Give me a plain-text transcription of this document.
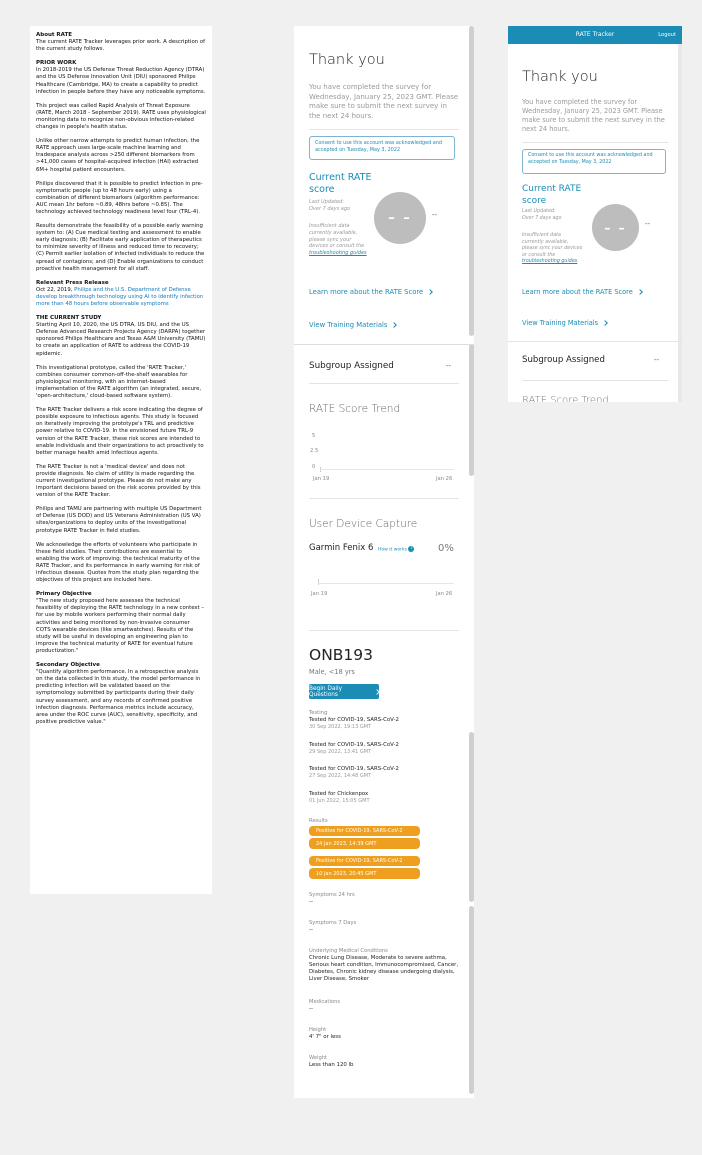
About RATE

The current RATE Tracker leverages prior work. A description of the current study follows.

PRIOR WORK

In 2018-2019 the US Defense Threat Reduction Agency (DTRA) and the US Defense Innovation Unit (DIU) sponsored Philips Healthcare (Cambridge, MA) to create a capability to predict infection in people before they have any noticeable symptoms.

This project was called Rapid Analysis of Threat Exposure (RATE, March 2018 - September 2019). RATE uses physiological monitoring data to recognize non-obvious infection-related changes in people's health status.

Unlike other narrow attempts to predict human infection, the RATE approach uses large-scale machine learning and tradespace analysis across >250 different biomarkers from >41,000 cases of hospital-acquired infection (HAI) extracted 6M+ hospital patient encounters.

Philips discovered that it is possible to predict infection in pre-symptomatic people (up to 48 hours early) using a combination of different biomarkers (algorithm performance: AUC mean 1hr before ~0.89, 48hrs before ~0.85). The technology achieved technology readiness level four (TRL-4).

Results demonstrate the feasibility of a possible early warning system to: (A) Cue medical testing and assessment to enable early diagnosis; (B) Facilitate early application of therapeutics to minimize severity of illness and reduced time to recovery; (C) Permit earlier isolation of infected individuals to reduce the spread of contagions; and (D) Enable organizations to conduct proactive health management for all staff.

Relevant Press Release

Oct 22, 2019, Philips and the U.S. Department of Defense develop breakthrough technology using AI to identify infection more than 48 hours before observable symptoms

THE CURRENT STUDY

Starting April 10, 2020, the US DTRA, US DIU, and the US Defense Advanced Research Projects Agency (DARPA) together sponsored Philips Healthcare and Texas A&M University (TAMU) to create an application of RATE to address the COVID-19 epidemic.

This investigational prototype, called the 'RATE Tracker,' combines consumer common-off-the-shelf wearables for physiological monitoring, with an internet-based implementation of the RATE algorithm (an integrated, secure, 'open-architecture,' cloud-based software system).

The RATE Tracker delivers a risk score indicating the degree of possible exposure to infectious agents. This study is focused on iteratively improving the prototype's TRL and predictive power relative to COVID-19. In the envisioned future TRL-9 version of the RATE Tracker, these risk scores are intended to enable individuals and their organizations to act proactively to better manage health amid infectious agents.

The RATE Tracker is not a 'medical device' and does not provide diagnosis. No claim of utility is made regarding the current investigational prototype. Please do not make any important decisions based on the risk scores provided by this version of the RATE Tracker.

Philips and TAMU are partnering with multiple US Department of Defense (US DOD) and US Veterans Administration (US VA) sites/organizations to deploy units of the investigational prototype RATE Tracker in field studies.

We acknowledge the efforts of volunteers who participate in these field studies. Their contributions are essential to enabling the work of improving: the technical maturity of the RATE Tracker, and its performance in early warning for risk of infectious disease. Quotes from the study plan regarding the objectives of this project are included here.

Primary Objective

"The new study proposed here assesses the technical feasibility of deploying the RATE technology in a new context – for use by mobile workers performing their normal daily activities and being monitored by non-invasive consumer COTS wearable devices (like smartwatches). Results of the study will be useful in developing an engineering plan to improve the technical maturity of RATE for eventual future productization."

Secondary Objective

"Quantify algorithm performance. In a retrospective analysis on the data collected in this study, the model performance in predicting infection will be validated based on the symptomology submitted by participants during their daily survey assessment, and any records of confirmed positive infection diagnosis. Performance metrics include accuracy, area under the ROC curve (AUC), sensitivity, specificity, and positive predictive value."

Thank you
You have completed the survey for Wednesday, January 25, 2023 GMT. Please make sure to submit the next survey in the next 24 hours.
Consent to use this account was acknowledged and accepted on Tuesday, May 3, 2022
Current RATE score
Last Updated:
Over 7 days ago
Insufficient data currently available, please sync your devices or consult the troubleshooting guides
– –	--
Learn more about the RATE Score
View Training Materials
Subgroup Assigned	--
RATE Score Trend
5
2.5
0
Jan 19	Jan 26
User Device Capture
Garmin Fenix 6 How it works i	0%
Jan 19	Jan 26
ONB193
Male, <18 yrs
Begin Daily Questions
Testing
Tested for COVID-19, SARS-CoV-2
30 Sep 2022, 19:13 GMT
Tested for COVID-19, SARS-CoV-2
29 Sep 2022, 13:41 GMT
Tested for COVID-19, SARS-CoV-2
27 Sep 2022, 14:48 GMT
Tested for Chickenpox
01 Jun 2022, 15:05 GMT
Results
Positive for COVID-19, SARS-CoV-2
24 Jan 2023, 14:39 GMT
Positive for COVID-19, SARS-CoV-2
10 Jan 2023, 20:45 GMT
Symptoms 24 hrs
--
Symptoms 7 Days
--
Underlying Medical Conditions
Chronic Lung Disease, Moderate to severe asthma, Serious heart condition, Immunocompromised, Cancer, Diabetes, Chronic kidney disease undergoing dialysis, Liver Disease, Smoker
Medications
--
Height
4' 7" or less
Weight
Less than 120 lb
RATE Tracker	Logout
Thank you
You have completed the survey for Wednesday, January 25, 2023 GMT. Please make sure to submit the next survey in the next 24 hours.
Consent to use this account was acknowledged and accepted on Tuesday, May 3, 2022
Current RATE score
Last Updated:
Over 7 days ago
Insufficient data currently available, please sync your devices or consult the troubleshooting guides
– –	--
Learn more about the RATE Score
View Training Materials
Subgroup Assigned	--
RATE Score Trend
